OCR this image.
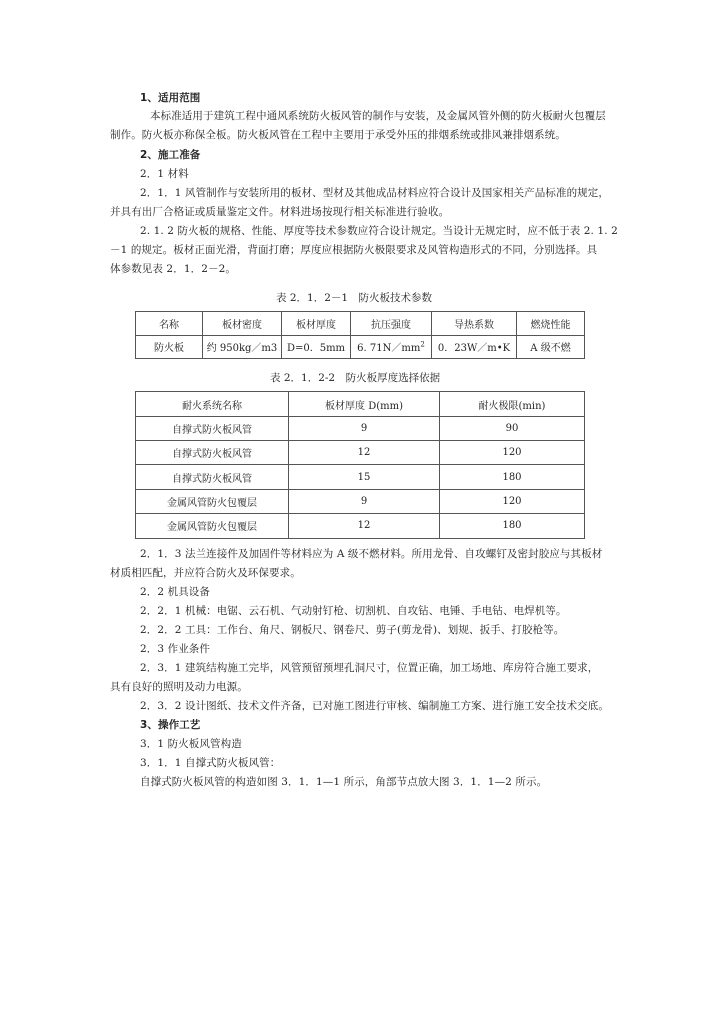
1、适用范围
本标准适用于建筑工程中通风系统防火板风管的制作与安装，及金属风管外侧的防火板耐火包覆层
制作。防火板亦称保全板。防火板风管在工程中主要用于承受外压的排烟系统或排风兼排烟系统。
2、施工准备
2．1 材料
2．1．1 风管制作与安装所用的板材、型材及其他成品材料应符合设计及国家相关产品标准的规定，
并具有出厂合格证或质量鉴定文件。材料进场按现行相关标准进行验收。
2. 1. 2 防火板的规格、性能、厚度等技术参数应符合设计规定。当设计无规定时，应不低于表 2. 1. 2
－1 的规定。板材正面光滑，背面打磨；厚度应根据防火极限要求及风管构造形式的不同，分别选择。具
体参数见表 2．1．2－2。
表 2．1．2－1　防火板技术参数
名称	板材密度	板材厚度	抗压强度	导热系数	燃烧性能
防火板	约 950kg／m3	D=0．5mm	6. $71N/mm^2$	0．23W／m•K	A 级不燃
表 2．1．2-2　防火板厚度选择依据
耐火系统名称	板材厚度 D(mm)	耐火极限(min)
自撑式防火板风管	9	90
自撑式防火板风管	12	120
自撑式防火板风管	15	180
金属风管防火包覆层	9	120
金属风管防火包覆层	12	180
2．1．3 法兰连接件及加固件等材料应为 A 级不燃材料。所用龙骨、自攻螺钉及密封胶应与其板材
材质相匹配，并应符合防火及环保要求。
2．2 机具设备
2．2．1 机械：电锯、云石机、气动射钉枪、切割机、自攻钻、电锤、手电钻、电焊机等。
2．2．2 工具：工作台、角尺、钢板尺、钢卷尺、剪子(剪龙骨)、划规、扳手、打胶枪等。
2．3 作业条件
2．3．1 建筑结构施工完毕，风管预留预埋孔洞尺寸，位置正确，加工场地、库房符合施工要求，
具有良好的照明及动力电源。
2．3．2 设计图纸、技术文件齐备，已对施工图进行审核、编制施工方案、进行施工安全技术交底。
3、操作工艺
3．1 防火板风管构造
3．1．1 自撑式防火板风管：
自撑式防火板风管的构造如图 3．1．1—1 所示，角部节点放大图 3．1．1—2 所示。
